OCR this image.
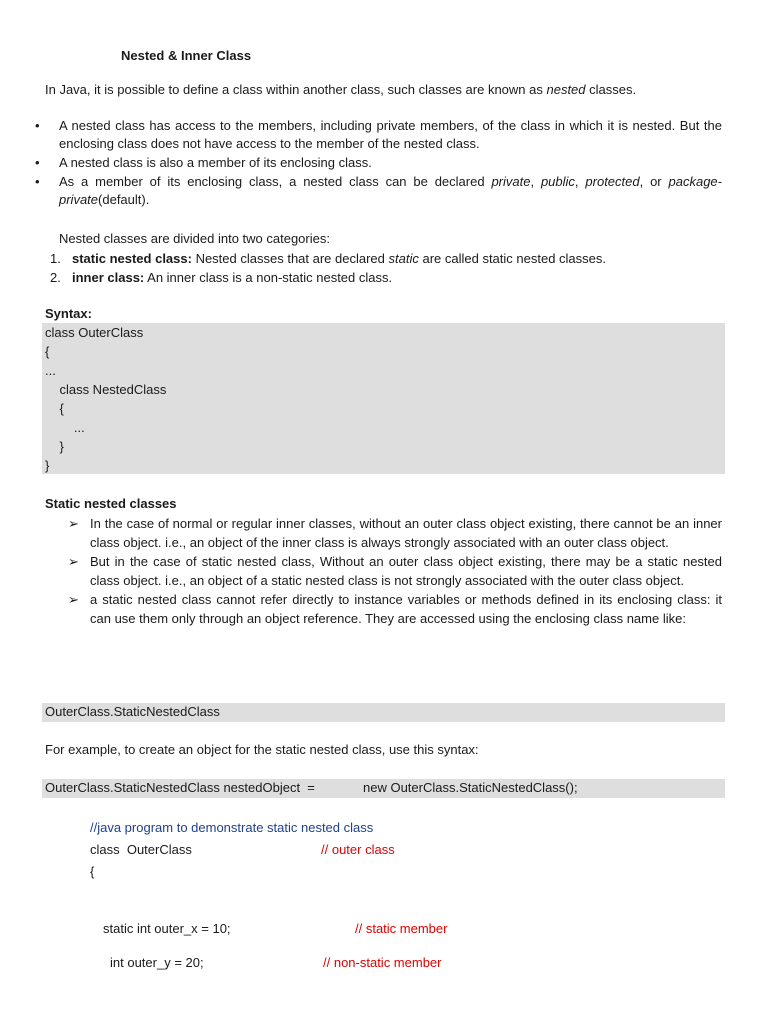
Nested & Inner Class
In Java, it is possible to define a class within another class, such classes are known as nested classes.
• A nested class has access to the members, including private members, of the class in which it is nested. But the enclosing class does not have access to the member of the nested class.
• A nested class is also a member of its enclosing class.
• As a member of its enclosing class, a nested class can be declared private, public, protected, or package-private(default).
Nested classes are divided into two categories:
1. static nested class: Nested classes that are declared static are called static nested classes.
2. inner class: An inner class is a non-static nested class.
Syntax:
class OuterClass
{
...
class NestedClass
{
...
}
}
Static nested classes
➢ In the case of normal or regular inner classes, without an outer class object existing, there cannot be an inner class object. i.e., an object of the inner class is always strongly associated with an outer class object.
➢ But in the case of static nested class, Without an outer class object existing, there may be a static nested class object. i.e., an object of a static nested class is not strongly associated with the outer class object.
➢ a static nested class cannot refer directly to instance variables or methods defined in its enclosing class: it can use them only through an object reference. They are accessed using the enclosing class name like:
OuterClass.StaticNestedClass
For example, to create an object for the static nested class, use this syntax:
OuterClass.StaticNestedClass nestedObject  =	new OuterClass.StaticNestedClass();
//java program to demonstrate static nested class
class  OuterClass	// outer class
{
static int outer_x = 10;	// static member
int outer_y = 20;	// non-static member
